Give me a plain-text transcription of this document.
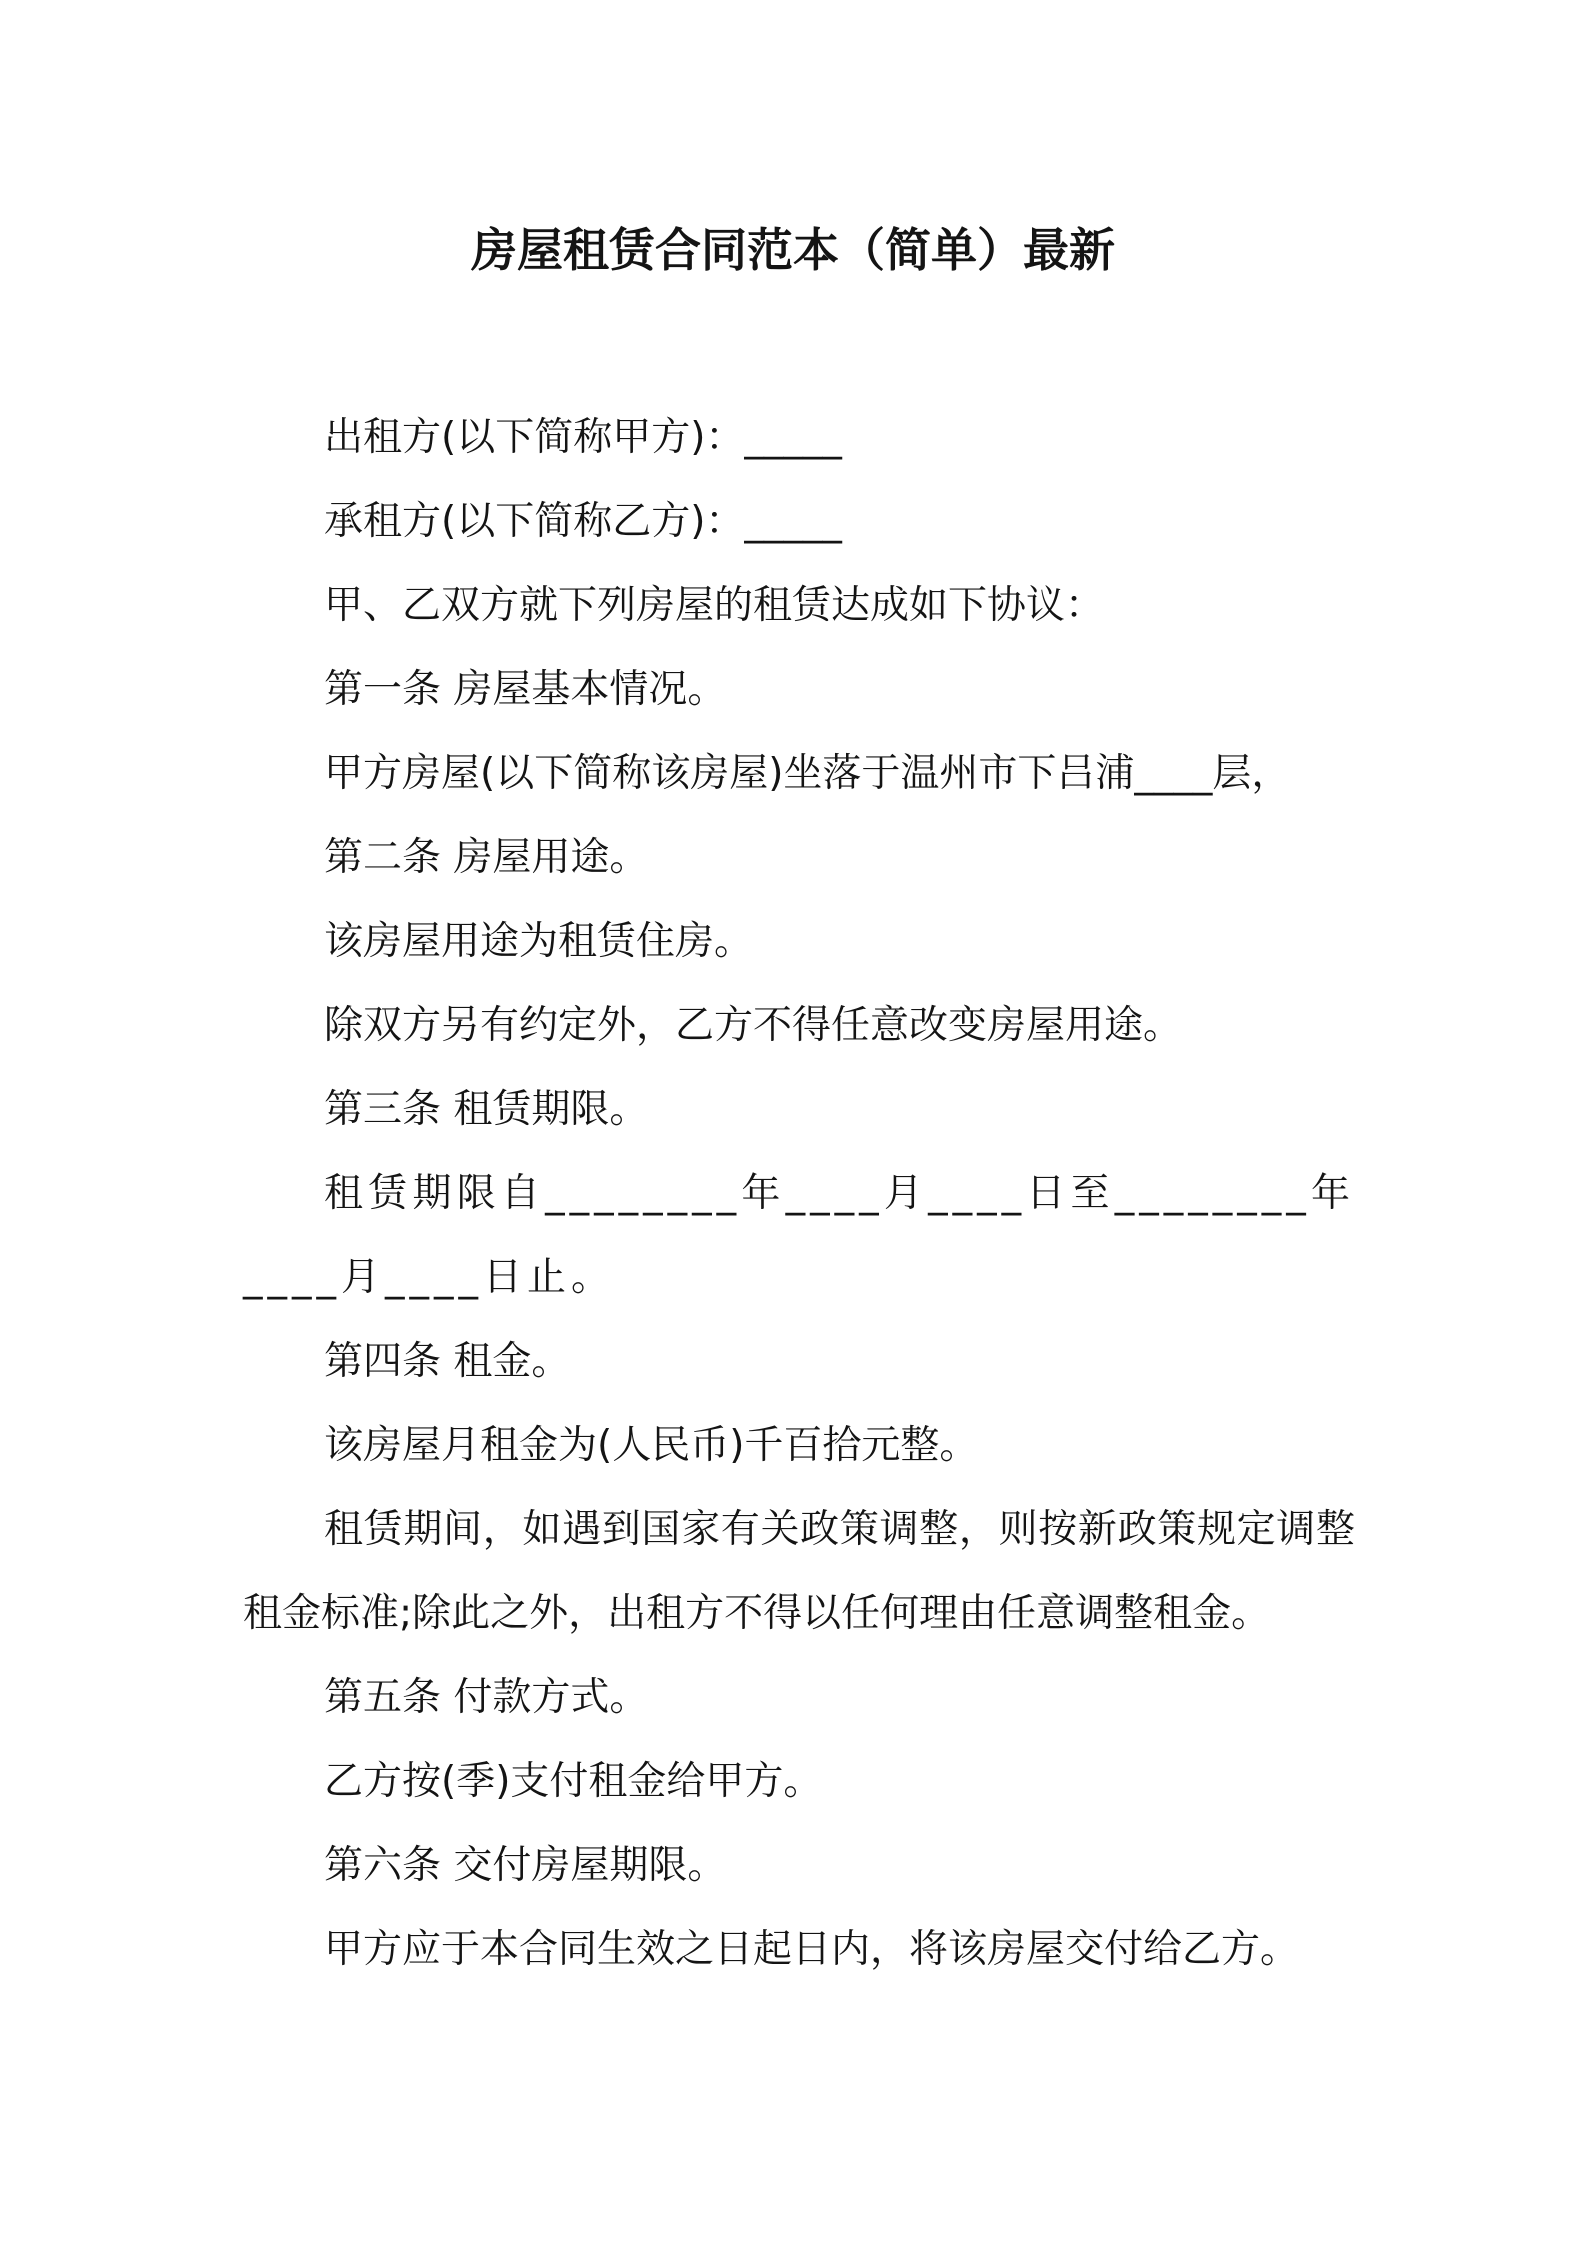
房屋租赁合同范本（简单）最新
出租方(以下简称甲方)：_____
承租方(以下简称乙方)：_____
甲、乙双方就下列房屋的租赁达成如下协议：
第一条 房屋基本情况。
甲方房屋(以下简称该房屋)坐落于温州市下吕浦____层，
第二条 房屋用途。
该房屋用途为租赁住房。
除双方另有约定外，乙方不得任意改变房屋用途。
第三条 租赁期限。
租赁期限自________年____月____日至________年____月____日止。
第四条 租金。
该房屋月租金为(人民币)千百拾元整。
租赁期间，如遇到国家有关政策调整，则按新政策规定调整租金标准;除此之外，出租方不得以任何理由任意调整租金。
第五条 付款方式。
乙方按(季)支付租金给甲方。
第六条 交付房屋期限。
甲方应于本合同生效之日起日内，将该房屋交付给乙方。
